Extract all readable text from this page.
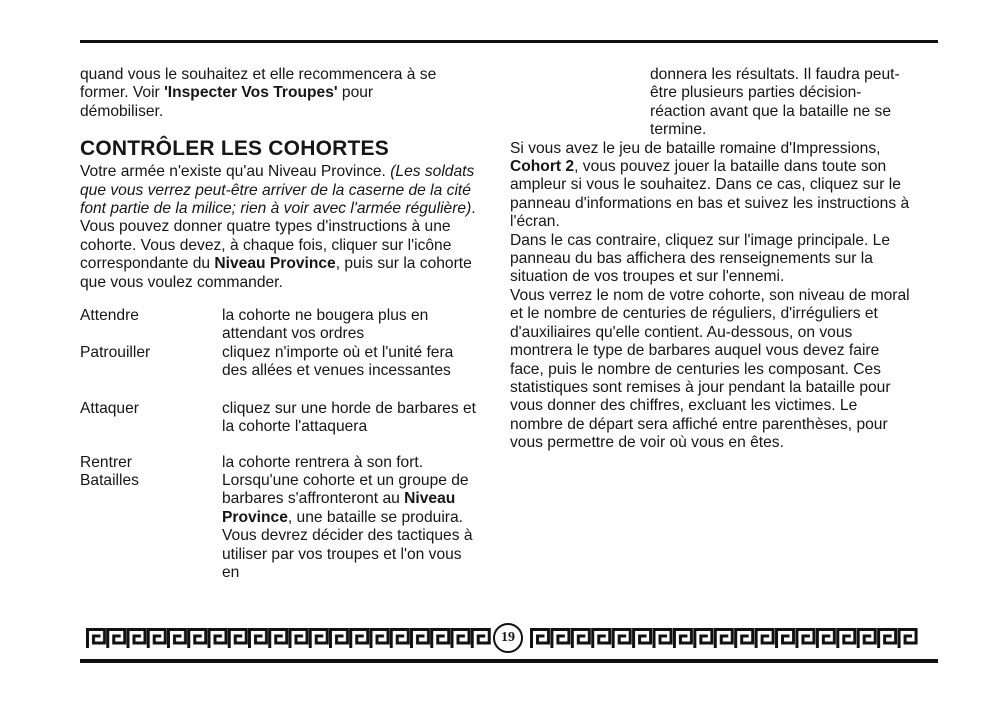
quand vous le souhaitez et elle recommencera à se
former. Voir 'Inspecter Vos Troupes' pour
démobiliser.

CONTRÔLER LES COHORTES

Votre armée n'existe qu'au Niveau Province. (Les soldats que vous verrez peut-être arriver de la caserne de la cité font partie de la milice; rien à voir avec l'armée régulière). Vous pouvez donner quatre types d'instructions à une cohorte. Vous devez, à chaque fois, cliquer sur l'icône correspondante du Niveau Province, puis sur la cohorte que vous voulez commander.

Attendre	la cohorte ne bougera plus en attendant vos ordres
Patrouiller	cliquez n'importe où et l'unité fera des allées et venues incessantes
Attaquer	cliquez sur une horde de barbares et la cohorte l'attaquera
Rentrer	la cohorte rentrera à son fort.
Batailles	Lorsqu'une cohorte et un groupe de barbares s'affronteront au Niveau Province, une bataille se produira. Vous devrez décider des tactiques à utiliser par vos troupes et l'on vous en

donnera les résultats. Il faudra peut-être plusieurs parties décision-réaction avant que la bataille ne se termine.

Si vous avez le jeu de bataille romaine d'Impressions, Cohort 2, vous pouvez jouer la bataille dans toute son ampleur si vous le souhaitez. Dans ce cas, cliquez sur le panneau d'informations en bas et suivez les instructions à l'écran.

Dans le cas contraire, cliquez sur l'image principale. Le panneau du bas affichera des renseignements sur la situation de vos troupes et sur l'ennemi.

Vous verrez le nom de votre cohorte, son niveau de moral et le nombre de centuries de réguliers, d'irréguliers et d'auxiliaires qu'elle contient. Au-dessous, on vous montrera le type de barbares auquel vous devez faire face, puis le nombre de centuries les composant. Ces statistiques sont remises à jour pendant la bataille pour vous donner des chiffres, excluant les victimes. Le nombre de départ sera affiché entre parenthèses, pour vous permettre de voir où vous en êtes.

19
